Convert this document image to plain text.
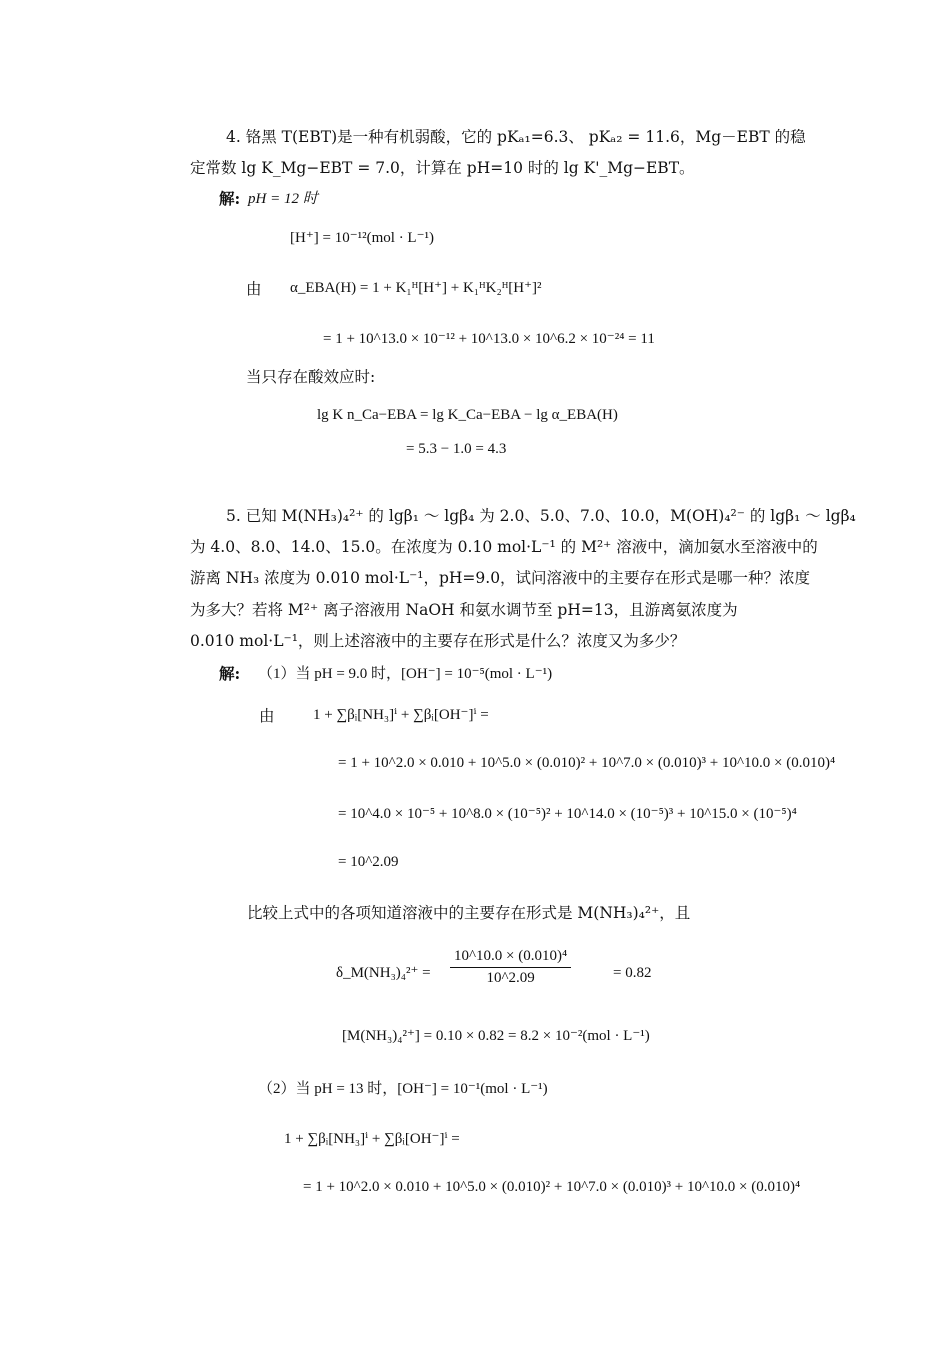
4. 铬黑 T(EBT)是一种有机弱酸，它的 pKₐ₁=6.3、 pKₐ₂ = 11.6，Mg－EBT 的稳
定常数 lg K_Mg−EBT = 7.0，计算在 pH=10 时的 lg K'_Mg−EBT。
解: pH = 12 时
[H⁺] = 10⁻¹²(mol · L⁻¹)
由 α_EBA(H) = 1 + K₁ᴴ[H⁺] + K₁ᴴK₂ᴴ[H⁺]²
= 1 + 10^13.0 × 10⁻¹² + 10^13.0 × 10^6.2 × 10⁻²⁴ = 11
当只存在酸效应时:
lg K n_Ca−EBA = lg K_Ca−EBA − lg α_EBA(H)
= 5.3 − 1.0 = 4.3
5. 已知 M(NH₃)₄²⁺ 的 lgβ₁ ～ lgβ₄ 为 2.0、5.0、7.0、10.0，M(OH)₄²⁻ 的 lgβ₁ ～ lgβ₄
为 4.0、8.0、14.0、15.0。在浓度为 0.10 mol·L⁻¹ 的 M²⁺ 溶液中，滴加氨水至溶液中的
游离 NH₃ 浓度为 0.010 mol·L⁻¹，pH=9.0，试问溶液中的主要存在形式是哪一种？浓度
为多大？若将 M²⁺ 离子溶液用 NaOH 和氨水调节至 pH=13，且游离氨浓度为
0.010 mol·L⁻¹，则上述溶液中的主要存在形式是什么？浓度又为多少？
解: （1）当 pH = 9.0 时，[OH⁻] = 10⁻⁵(mol · L⁻¹)
由	1 + ∑βᵢ[NH₃]ⁱ + ∑βᵢ[OH⁻]ⁱ =
= 1 + 10^2.0 × 0.010 + 10^5.0 × (0.010)² + 10^7.0 × (0.010)³ + 10^10.0 × (0.010)⁴
= 10^4.0 × 10⁻⁵ + 10^8.0 × (10⁻⁵)² + 10^14.0 × (10⁻⁵)³ + 10^15.0 × (10⁻⁵)⁴
= 10^2.09
比较上式中的各项知道溶液中的主要存在形式是 M(NH₃)₄²⁺，且
δ_M(NH₃)₄²⁺ = $\frac{\text{10\textasciicircum{}10.0 × (0.010)⁴}}{10\^{}2.09}$	= 0.82
[M(NH₃)₄²⁺] = 0.10 × 0.82 = 8.2 × 10⁻²(mol · L⁻¹)
（2）当 pH = 13 时，[OH⁻] = 10⁻¹(mol · L⁻¹)
1 + ∑βᵢ[NH₃]ⁱ + ∑βᵢ[OH⁻]ⁱ =
= 1 + 10^2.0 × 0.010 + 10^5.0 × (0.010)² + 10^7.0 × (0.010)³ + 10^10.0 × (0.010)⁴
